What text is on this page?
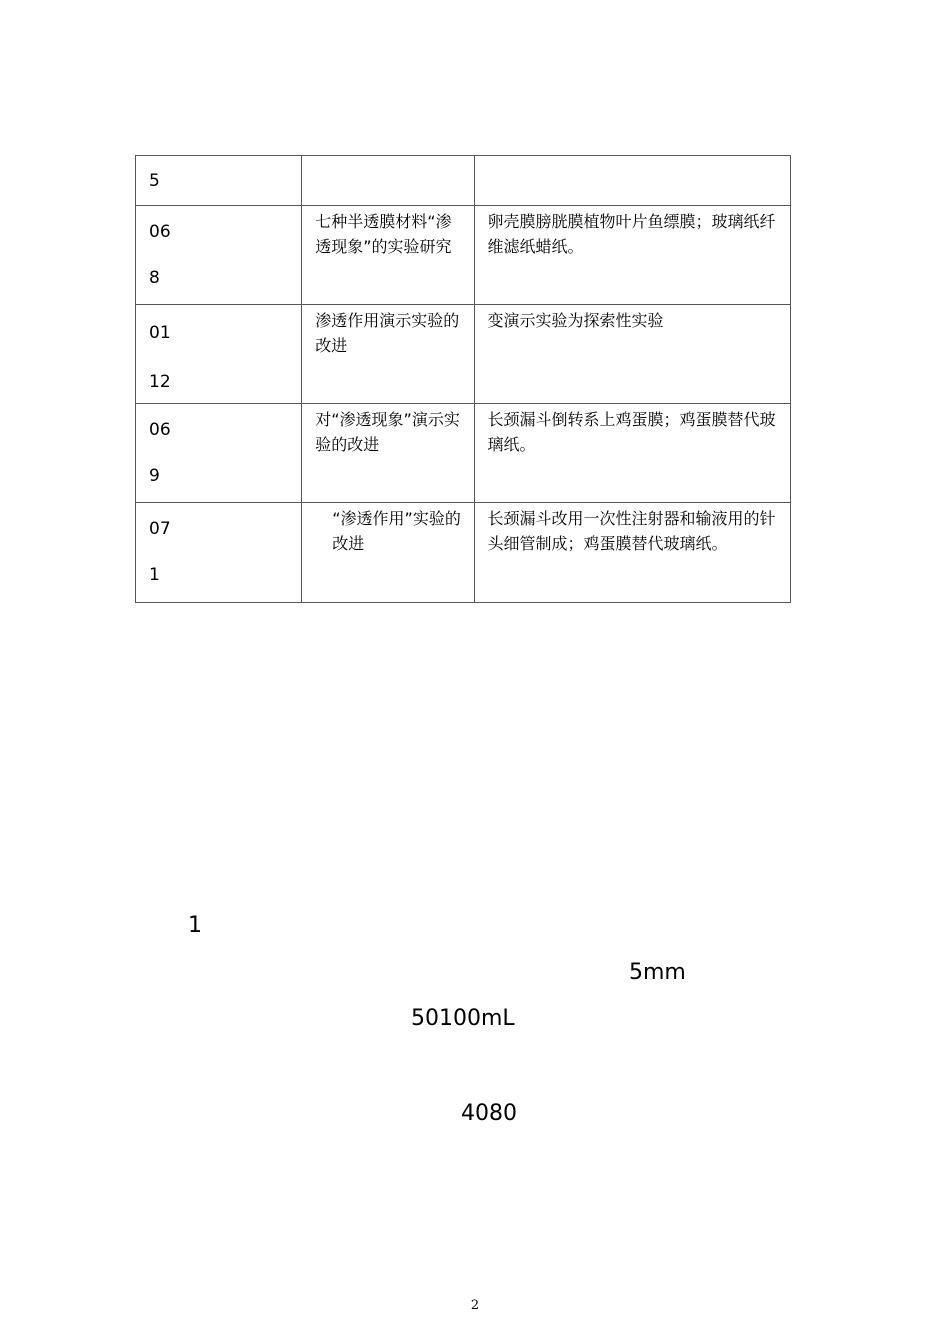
5		

06
8	七种半透膜材料“渗透现象”的实验研究	卵壳膜膀胱膜植物叶片鱼缥膜；玻璃纸纤维滤纸蜡纸。

01
12	渗透作用演示实验的改进	变演示实验为探索性实验

06
9	对“渗透现象”演示实验的改进	长颈漏斗倒转系上鸡蛋膜；鸡蛋膜替代玻璃纸。

07
1	“渗透作用”实验的改进	长颈漏斗改用一次性注射器和输液用的针头细管制成；鸡蛋膜替代玻璃纸。
1
5mm
50100mL
4080
2
